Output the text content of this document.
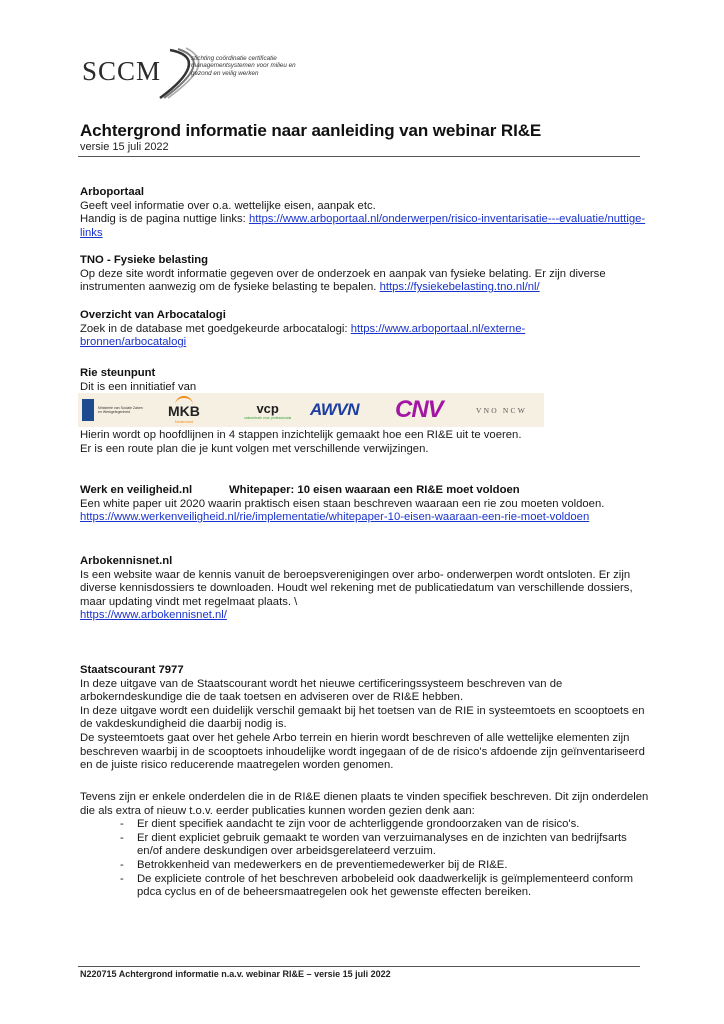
SCCM	stichting coördinatie certificatie
managementsystemen voor milieu en
gezond en veilig werken
Achtergrond informatie naar aanleiding van webinar RI&E
versie 15 juli 2022
Arboportaal

Geeft veel informatie over o.a. wettelijke eisen, aanpak etc.

Handig is de pagina nuttige links: https://www.arboportaal.nl/onderwerpen/risico-inventarisatie---evaluatie/nuttige-links

TNO - Fysieke belasting

Op deze site wordt informatie gegeven over de onderzoek en aanpak van fysieke belating. Er zijn diverse instrumenten aanwezig om de fysieke belasting te bepalen. https://fysiekebelasting.tno.nl/nl/

Overzicht van Arbocatalogi

Zoek in de database met goedgekeurde arbocatalogi: https://www.arboportaal.nl/externe-bronnen/arbocatalogi

Rie steunpunt

Dit is een innitiatief van

Ministerie van Sociale Zaken en Werkgelegenheid	MKB
Nederland
vcp
vakcentrale voor professionals AWVN CNV	VNO NCW

Hierin wordt op hoofdlijnen in 4 stappen inzichtelijk gemaakt hoe een RI&E uit te voeren.

Er is een route plan die je kunt volgen met verschillende verwijzingen.

Werk en veiligheid.nl	Whitepaper: 10 eisen waaraan een RI&E moet voldoen

Een white paper uit 2020 waarin praktisch eisen staan beschreven waaraan een rie zou moeten voldoen. https://www.werkenveiligheid.nl/rie/implementatie/whitepaper-10-eisen-waaraan-een-rie-moet-voldoen

Arbokennisnet.nl

Is een website waar de kennis vanuit de beroepsverenigingen over arbo- onderwerpen wordt ontsloten. Er zijn diverse kennisdossiers te downloaden. Houdt wel rekening met de publicatiedatum van verschillende dossiers, maar updating vindt met regelmaat plaats. \

https://www.arbokennisnet.nl/

Staatscourant 7977

In deze uitgave van de Staatscourant wordt het nieuwe certificeringssysteem beschreven van de arbokerndeskundige die de taak toetsen en adviseren over de RI&E hebben.

In deze uitgave wordt een duidelijk verschil gemaakt bij het toetsen van de RIE in systeemtoets en scooptoets en de vakdeskundigheid die daarbij nodig is.

De systeemtoets gaat over het gehele Arbo terrein en hierin wordt beschreven of alle wettelijke elementen zijn beschreven waarbij in de scooptoets inhoudelijke wordt ingegaan of de de risico's afdoende zijn geïnventariseerd en de juiste risico reducerende maatregelen worden genomen.

Tevens zijn er enkele onderdelen die in de RI&E dienen plaats te vinden specifiek beschreven. Dit zijn onderdelen die als extra of nieuw t.o.v. eerder publicaties kunnen worden gezien denk aan:

- Er dient specifiek aandacht te zijn voor de achterliggende grondoorzaken van de risico's.
- Er dient expliciet gebruik gemaakt te worden van verzuimanalyses en de inzichten van bedrijfsarts en/of andere deskundigen over arbeidsgerelateerd verzuim.
- Betrokkenheid van medewerkers en de preventiemedewerker bij de RI&E.
- De expliciete controle of het beschreven arbobeleid ook daadwerkelijk is geïmplementeerd conform pdca cyclus en of de beheersmaatregelen ook het gewenste effecten bereiken.
N220715 Achtergrond informatie n.a.v. webinar RI&E – versie 15 juli 2022
